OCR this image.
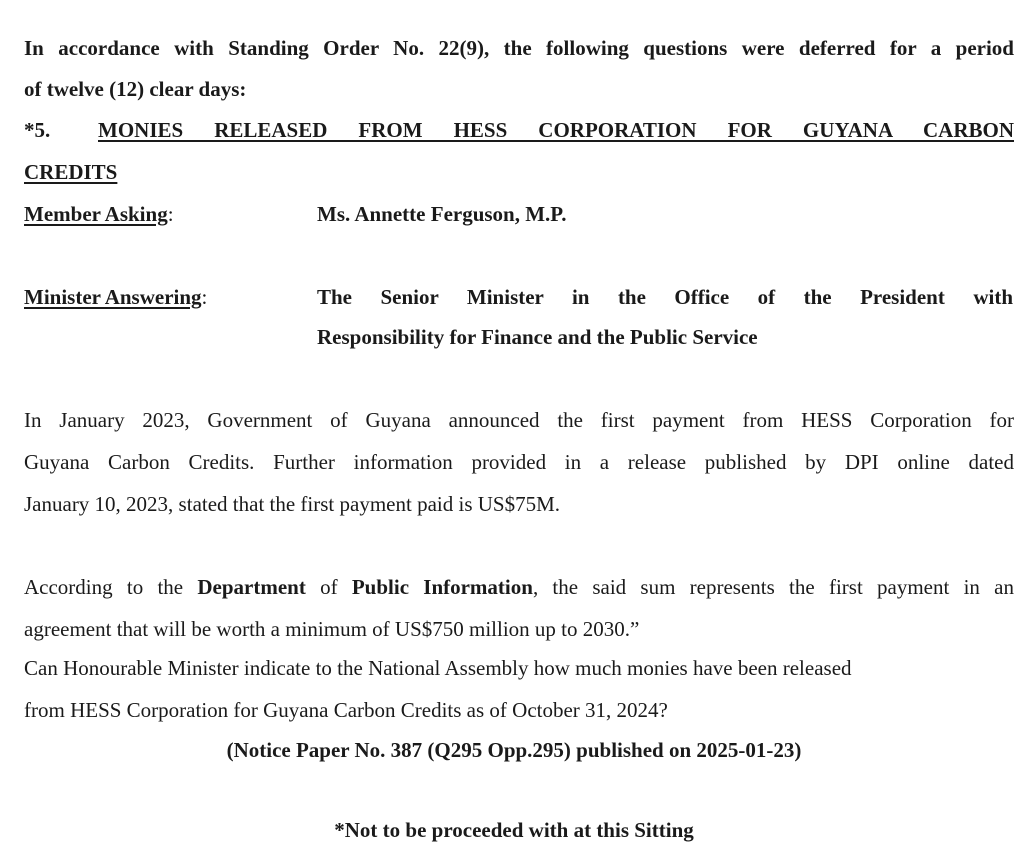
In accordance with Standing Order No. 22(9), the following questions were deferred for a period
of twelve (12) clear days:
*5. MONIES RELEASED FROM HESS CORPORATION FOR GUYANA CARBON
CREDITS
Member Asking:	Ms. Annette Ferguson, M.P.
Minister Answering:	The Senior Minister in the Office of the President with
Responsibility for Finance and the Public Service
In January 2023, Government of Guyana announced the first payment from HESS Corporation for
Guyana Carbon Credits. Further information provided in a release published by DPI online dated
January 10, 2023, stated that the first payment paid is US$75M.
According to the Department of Public Information, the said sum represents the first payment in an
agreement that will be worth a minimum of US$750 million up to 2030.”
Can Honourable Minister indicate to the National Assembly how much monies have been released
from HESS Corporation for Guyana Carbon Credits as of October 31, 2024?
(Notice Paper No. 387 (Q295 Opp.295) published on 2025-01-23)
*Not to be proceeded with at this Sitting
